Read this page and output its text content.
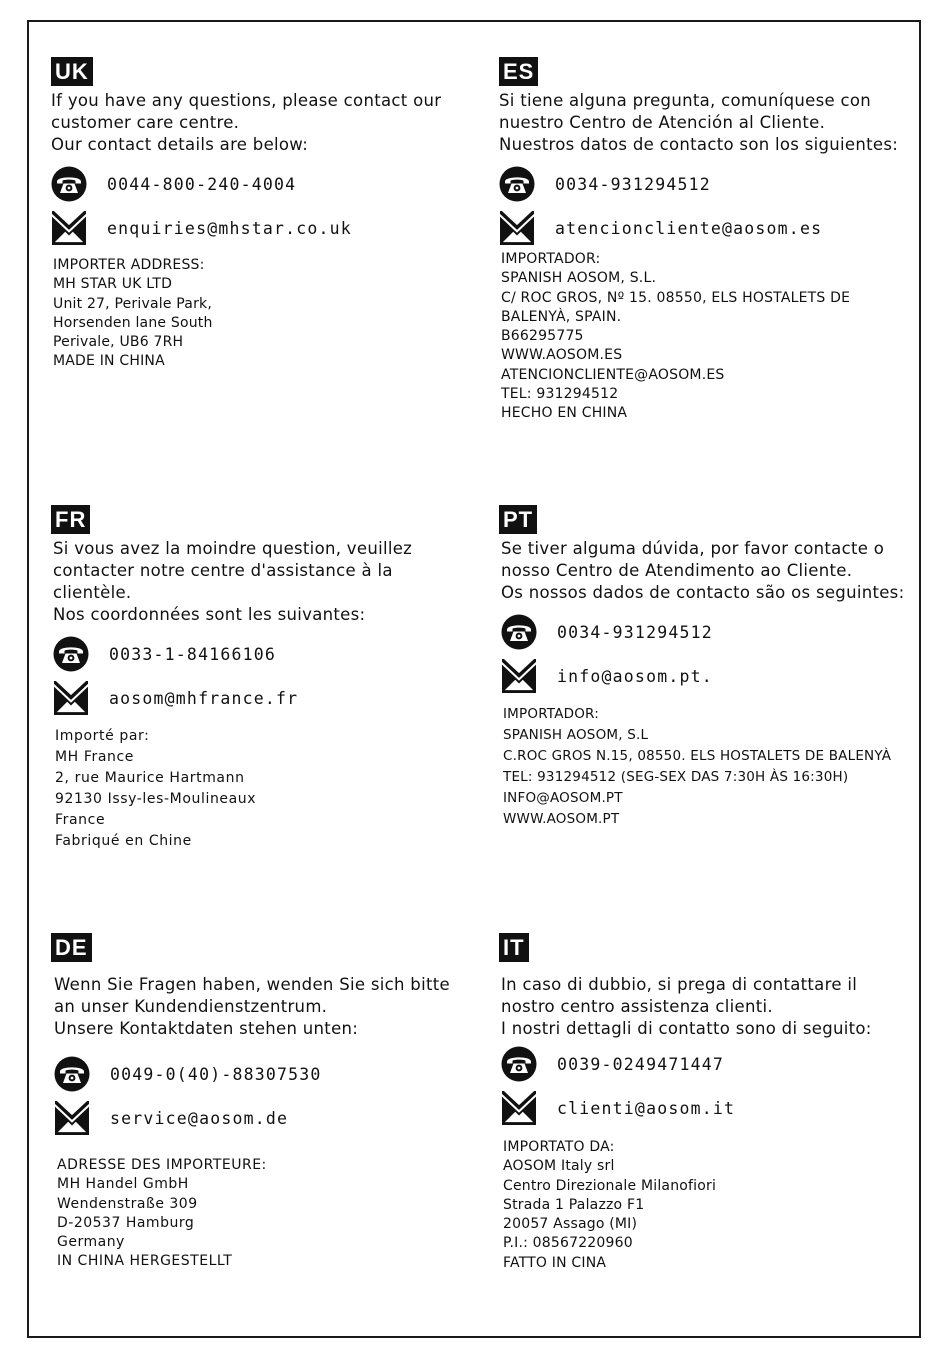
UK
If you have any questions, please contact our
customer care centre.
Our contact details are below:
0044-800-240-4004
enquiries@mhstar.co.uk
IMPORTER ADDRESS:
MH STAR UK LTD
Unit 27, Perivale Park,
Horsenden lane South
Perivale, UB6 7RH
MADE IN CHINA
ES
Si tiene alguna pregunta, comuníquese con
nuestro Centro de Atención al Cliente.
Nuestros datos de contacto son los siguientes:
0034-931294512
atencioncliente@aosom.es
IMPORTADOR:
SPANISH AOSOM, S.L.
C/ ROC GROS, Nº 15. 08550, ELS HOSTALETS DE
BALENYÀ, SPAIN.
B66295775
WWW.AOSOM.ES
ATENCIONCLIENTE@AOSOM.ES
TEL: 931294512
HECHO EN CHINA
FR
Si vous avez la moindre question, veuillez
contacter notre centre d'assistance à la
clientèle.
Nos coordonnées sont les suivantes:
0033-1-84166106
aosom@mhfrance.fr
Importé par:
MH France
2, rue Maurice Hartmann
92130 Issy-les-Moulineaux
France
Fabriqué en Chine
PT
Se tiver alguma dúvida, por favor contacte o
nosso Centro de Atendimento ao Cliente.
Os nossos dados de contacto são os seguintes:
0034-931294512
info@aosom.pt.
IMPORTADOR:
SPANISH AOSOM, S.L
C.ROC GROS N.15, 08550. ELS HOSTALETS DE BALENYÀ
TEL: 931294512 (SEG-SEX DAS 7:30H ÀS 16:30H)
INFO@AOSOM.PT
WWW.AOSOM.PT
DE
Wenn Sie Fragen haben, wenden Sie sich bitte
an unser Kundendienstzentrum.
Unsere Kontaktdaten stehen unten:
0049-0(40)-88307530
service@aosom.de
ADRESSE DES IMPORTEURE:
MH Handel GmbH
Wendenstraße 309
D-20537 Hamburg
Germany
IN CHINA HERGESTELLT
IT
In caso di dubbio, si prega di contattare il
nostro centro assistenza clienti.
I nostri dettagli di contatto sono di seguito:
0039-0249471447
clienti@aosom.it
IMPORTATO DA:
AOSOM Italy srl
Centro Direzionale Milanofiori
Strada 1 Palazzo F1
20057 Assago (MI)
P.I.: 08567220960
FATTO IN CINA
